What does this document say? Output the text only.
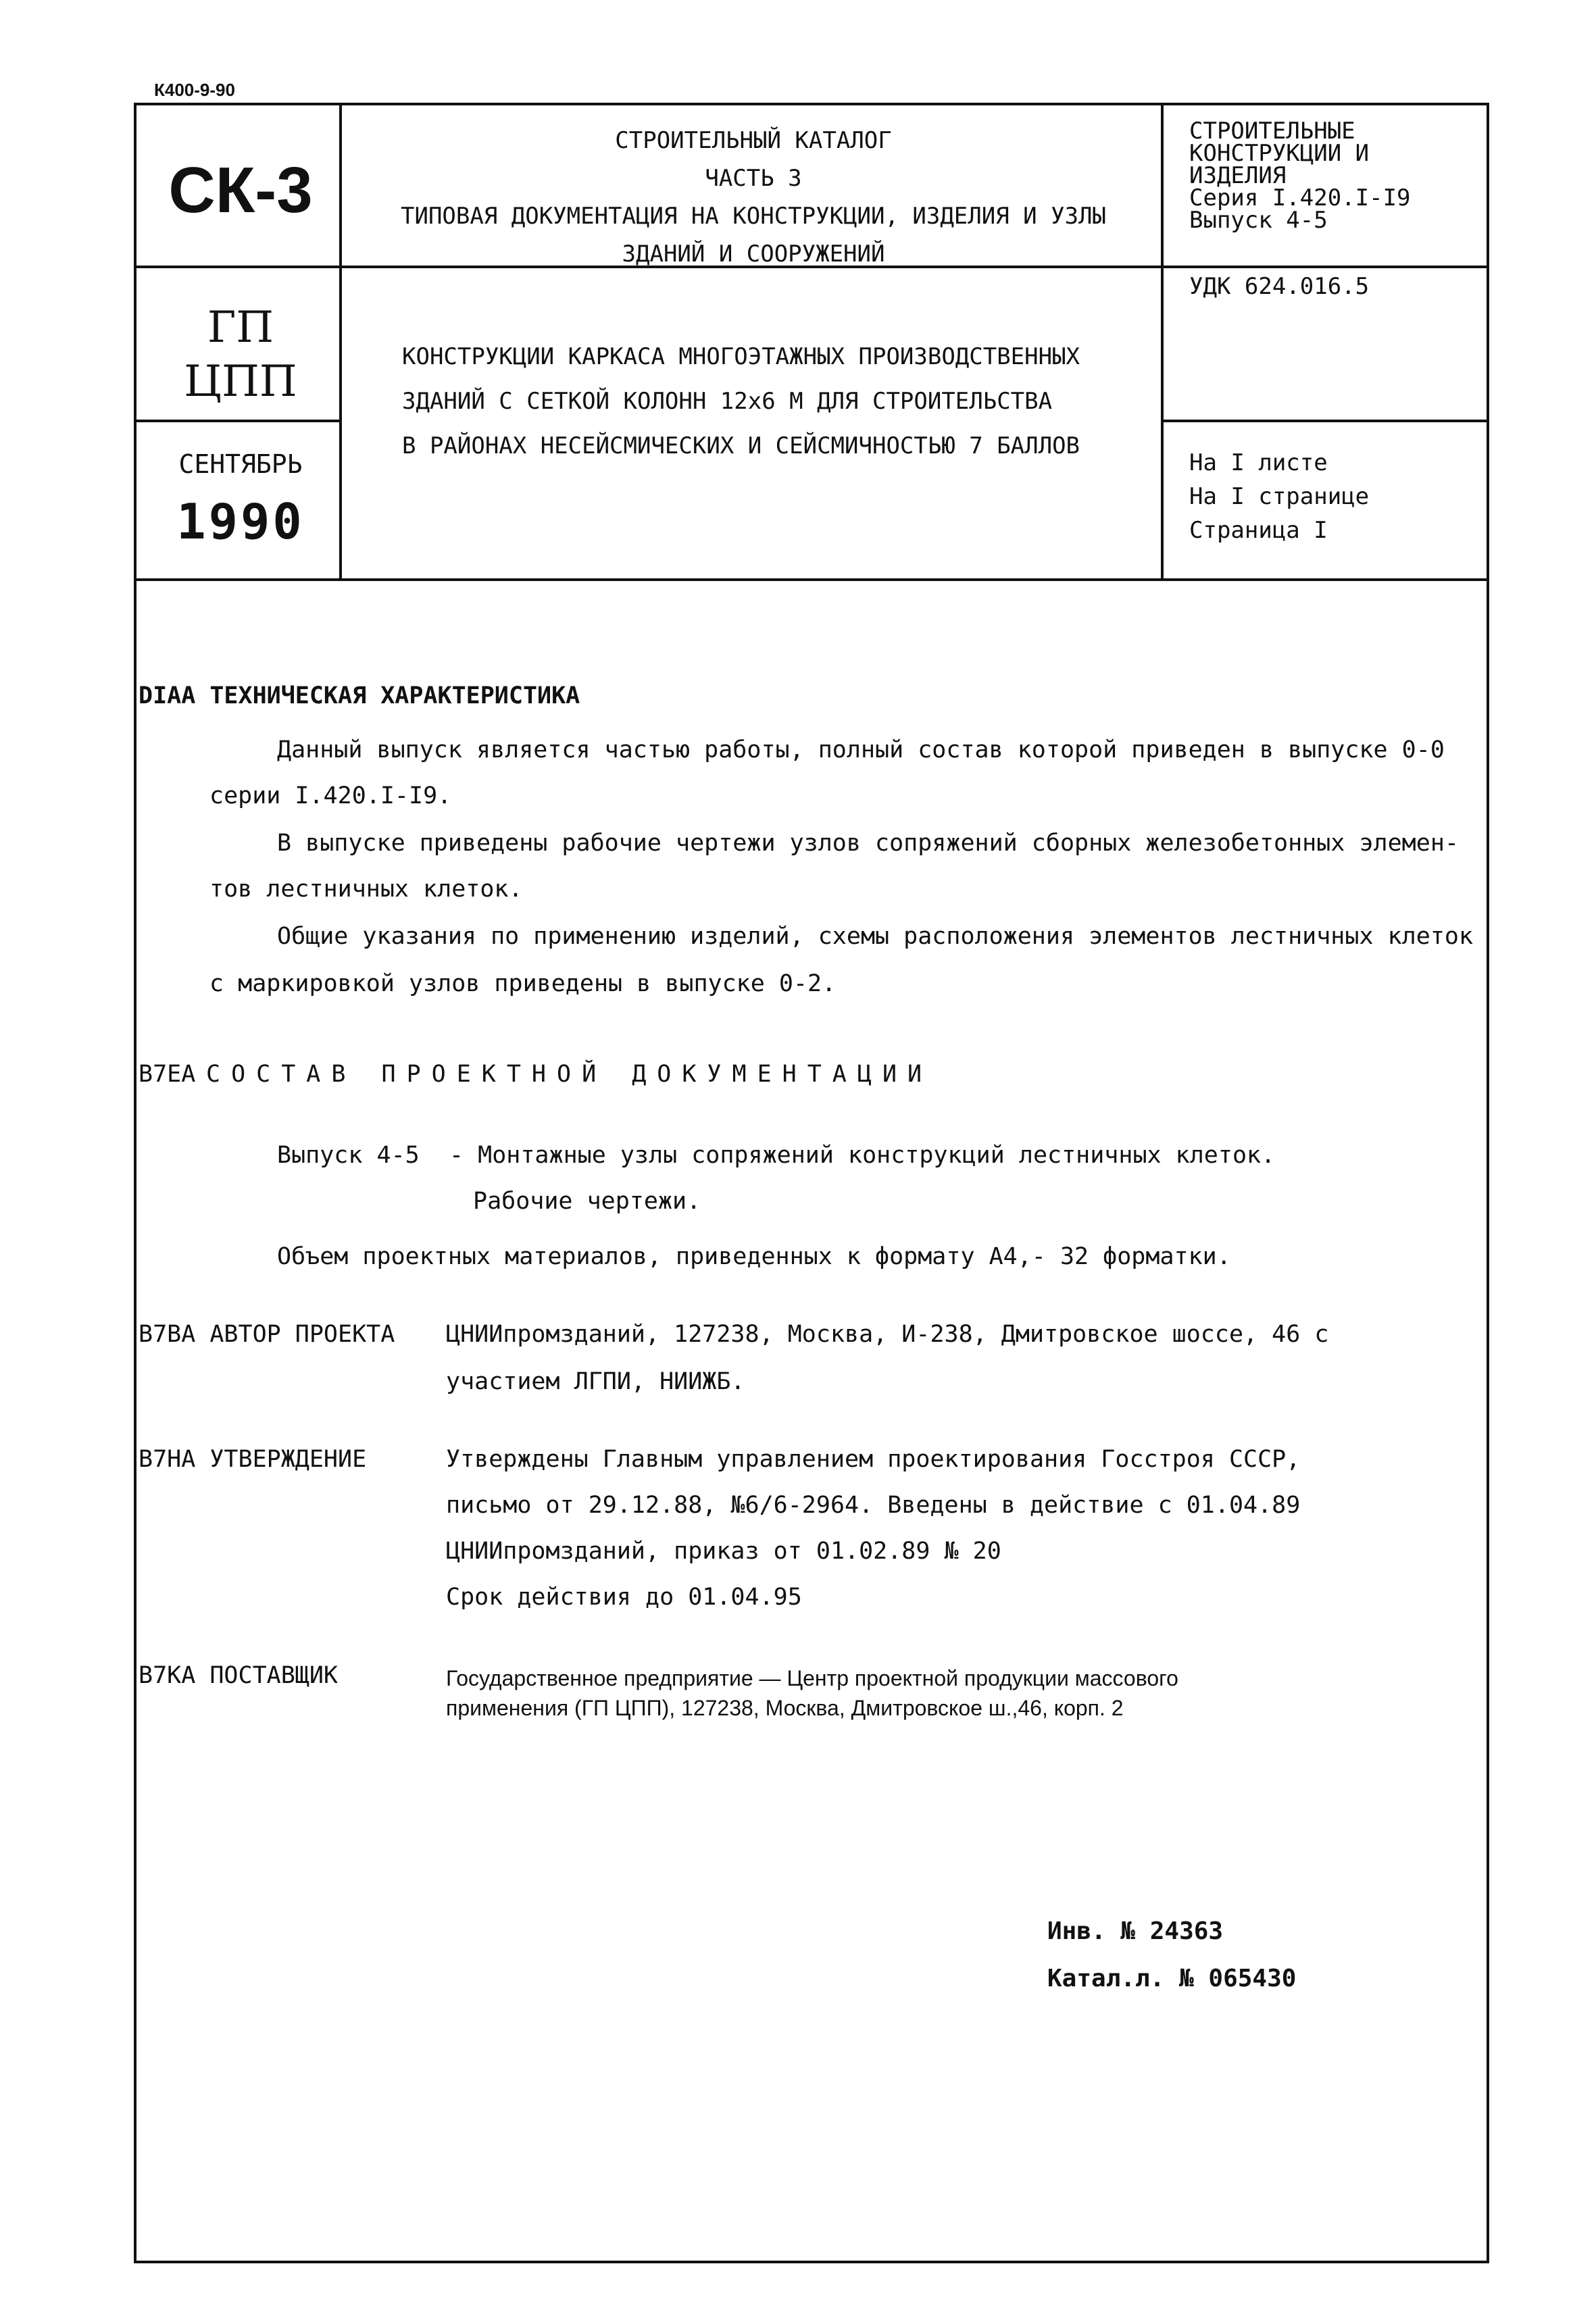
К400-9-90
СК-3
ГП
ЦПП
СЕНТЯБРЬ
1990
СТРОИТЕЛЬНЫЙ КАТАЛОГ
ЧАСТЬ 3
ТИПОВАЯ ДОКУМЕНТАЦИЯ НА КОНСТРУКЦИИ, ИЗДЕЛИЯ И УЗЛЫ
ЗДАНИЙ И СООРУЖЕНИЙ
КОНСТРУКЦИИ КАРКАСА МНОГОЭТАЖНЫХ ПРОИЗВОДСТВЕННЫХ
ЗДАНИЙ С СЕТКОЙ КОЛОНН 12х6 М ДЛЯ СТРОИТЕЛЬСТВА
В РАЙОНАХ НЕСЕЙСМИЧЕСКИХ И СЕЙСМИЧНОСТЬЮ 7 БАЛЛОВ
СТРОИТЕЛЬНЫЕ
КОНСТРУКЦИИ И
ИЗДЕЛИЯ
Серия I.420.I-I9
Выпуск 4-5
УДК 624.016.5
На I листе
На I странице
Страница I
DIAA ТЕХНИЧЕСКАЯ ХАРАКТЕРИСТИКА
Данный выпуск является частью работы, полный состав которой приведен в выпуске 0-0
серии I.420.I-I9.
В выпуске приведены рабочие чертежи узлов сопряжений сборных железобетонных элемен-
тов лестничных клеток.
Общие указания по применению изделий, схемы расположения элементов лестничных клеток
с маркировкой узлов приведены в выпуске 0-2.
В7ЕА СОСТАВ ПРОЕКТНОЙ ДОКУМЕНТАЦИИ
Выпуск 4-5 - Монтажные узлы сопряжений конструкций лестничных клеток.
Рабочие чертежи.
Объем проектных материалов, приведенных к формату А4,- 32 форматки.
В7ВА АВТОР ПРОЕКТА ЦНИИпромзданий, 127238, Москва, И-238, Дмитровское шоссе, 46 с
участием ЛГПИ, НИИЖБ.
В7НА УТВЕРЖДЕНИЕ	Утверждены Главным управлением проектирования Госстроя СССР,
письмо от 29.12.88, №6/6-2964. Введены в действие с 01.04.89
ЦНИИпромзданий, приказ от 01.02.89 № 20
Срок действия до 01.04.95
В7КА ПОСТАВЩИК	Государственное предприятие — Центр проектной продукции массового
применения (ГП ЦПП), 127238, Москва, Дмитровское ш.,46, корп. 2
Инв. № 24363
Катал.л. № 065430
